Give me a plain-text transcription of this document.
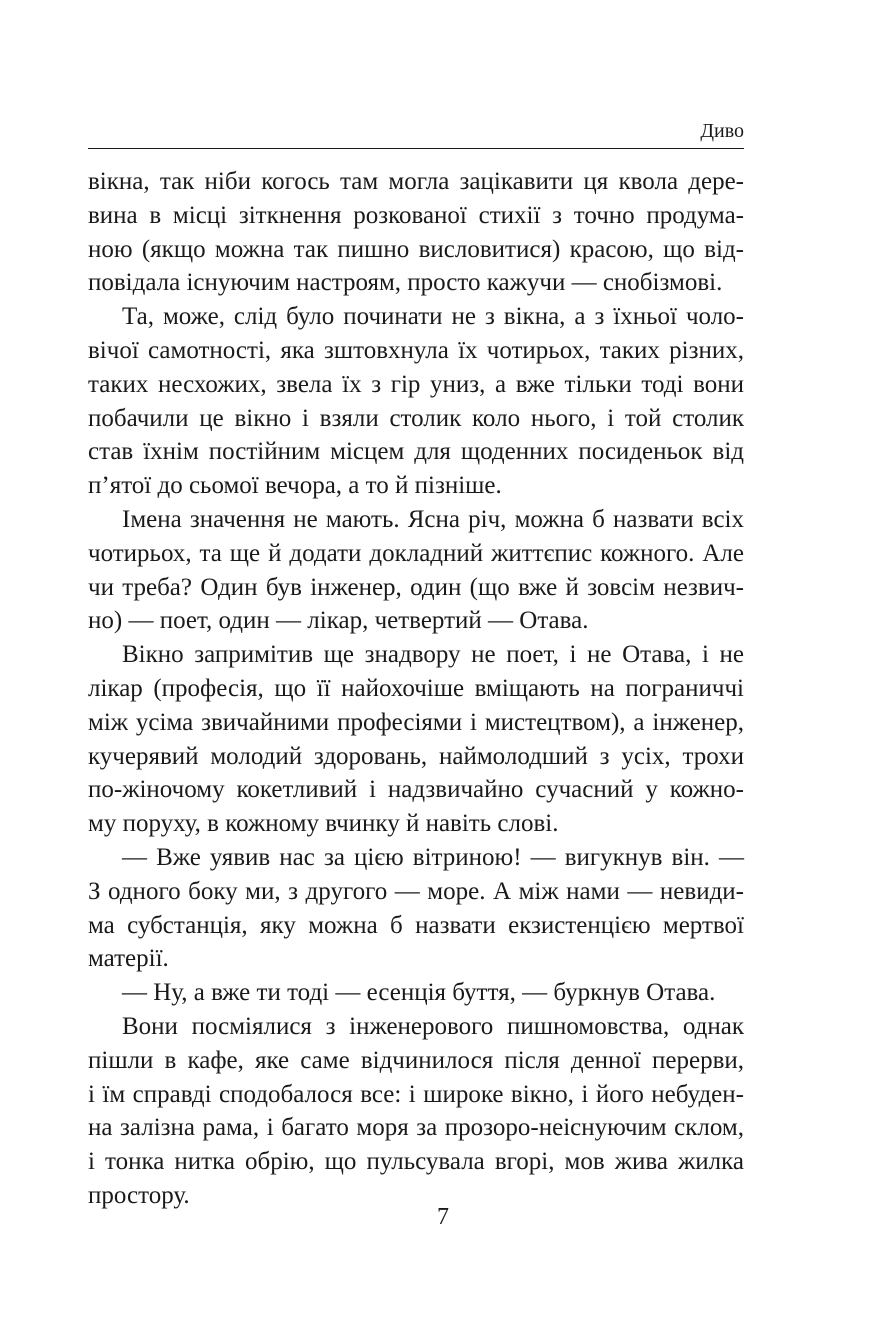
Диво
вікна, так ніби когось там могла зацікавити ця квола дере-
вина в місці зіткнення розкованої стихії з точно продума-
ною (якщо можна так пишно висловитися) красою, що від-
повідала існуючим настроям, просто кажучи — снобізмові.
Та, може, слід було починати не з вікна, а з їхньої чоло-
вічої самотності, яка зштовхнула їх чотирьох, таких різних,
таких несхожих, звела їх з гір униз, а вже тільки тоді вони
побачили це вікно і взяли столик коло нього, і той столик
став їхнім постійним місцем для щоденних посиденьок від
п’ятої до сьомої вечора, а то й пізніше.
Імена значення не мають. Ясна річ, можна б назвати всіх
чотирьох, та ще й додати докладний життєпис кожного. Але
чи треба? Один був інженер, один (що вже й зовсім незвич-
но) — поет, один — лікар, четвертий — Отава.
Вікно запримітив ще знадвору не поет, і не Отава, і не
лікар (професія, що її найохочіше вміщають на пограниччі
між усіма звичайними професіями і мистецтвом), а інженер,
кучерявий молодий здоровань, наймолодший з усіх, трохи
по-жіночому кокетливий і надзвичайно сучасний у кожно-
му поруху, в кожному вчинку й навіть слові.
— Вже уявив нас за цією вітриною! — вигукнув він. —
З одного боку ми, з другого — море. А між нами — невиди-
ма субстанція, яку можна б назвати екзистенцією мертвої
матерії.
— Ну, а вже ти тоді — есенція буття, — буркнув Отава.
Вони посміялися з інженерового пишномовства, однак
пішли в кафе, яке саме відчинилося після денної перерви,
і їм справді сподобалося все: і широке вікно, і його небуден-
на залізна рама, і багато моря за прозоро-неіснуючим склом,
і тонка нитка обрію, що пульсувала вгорі, мов жива жилка
простору.
7
